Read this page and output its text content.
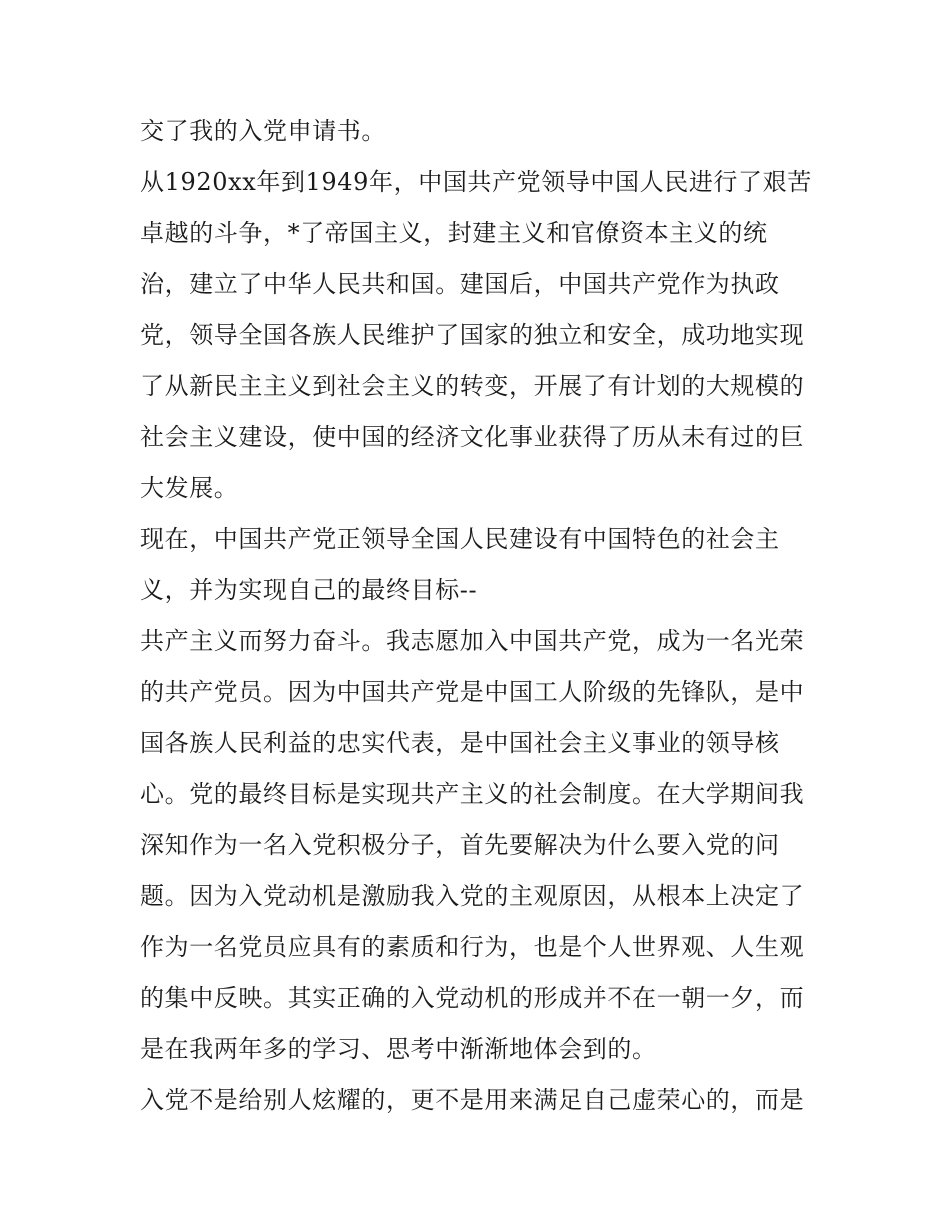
交了我的入党申请书。
从1920xx年到1949年，中国共产党领导中国人民进行了艰苦
卓越的斗争，*了帝国主义，封建主义和官僚资本主义的统
治，建立了中华人民共和国。建国后，中国共产党作为执政
党，领导全国各族人民维护了国家的独立和安全，成功地实现
了从新民主主义到社会主义的转变，开展了有计划的大规模的
社会主义建设，使中国的经济文化事业获得了历从未有过的巨
大发展。
现在，中国共产党正领导全国人民建设有中国特色的社会主
义，并为实现自己的最终目标--
共产主义而努力奋斗。我志愿加入中国共产党，成为一名光荣
的共产党员。因为中国共产党是中国工人阶级的先锋队，是中
国各族人民利益的忠实代表，是中国社会主义事业的领导核
心。党的最终目标是实现共产主义的社会制度。在大学期间我
深知作为一名入党积极分子，首先要解决为什么要入党的问
题。因为入党动机是激励我入党的主观原因，从根本上决定了
作为一名党员应具有的素质和行为，也是个人世界观、人生观
的集中反映。其实正确的入党动机的形成并不在一朝一夕，而
是在我两年多的学习、思考中渐渐地体会到的。
入党不是给别人炫耀的，更不是用来满足自己虚荣心的，而是
